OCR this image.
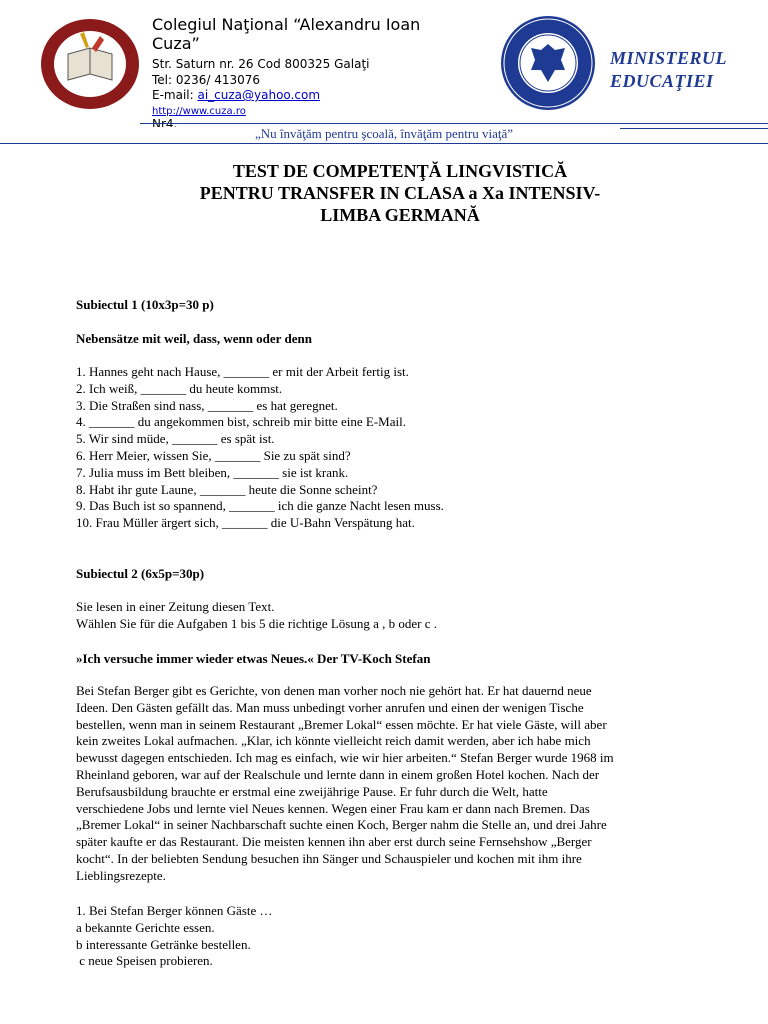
Colegiul Naţional “Alexandru Ioan

Cuza”

Str. Saturn nr. 26 Cod 800325 Galaţi

Tel: 0236/ 413076

E-mail: ai_cuza@yahoo.com

http://www.cuza.ro

Nr4.

MINISTERUL
EDUCAŢIEI
„Nu învăţăm pentru şcoală, învăţăm pentru viaţă”
TEST DE COMPETENŢĂ LINGVISTICĂ
PENTRU TRANSFER IN CLASA a Xa INTENSIV-
LIMBA GERMANĂ

Subiectul 1 (10x3p=30 p)

Nebensätze mit weil, dass, wenn oder denn

1. Hannes geht nach Hause, _______ er mit der Arbeit fertig ist.

2. Ich weiß, _______ du heute kommst.

3. Die Straßen sind nass, _______ es hat geregnet.

4. _______ du angekommen bist, schreib mir bitte eine E-Mail.

5. Wir sind müde, _______ es spät ist.

6. Herr Meier, wissen Sie, _______ Sie zu spät sind?

7. Julia muss im Bett bleiben, _______ sie ist krank.

8. Habt ihr gute Laune, _______ heute die Sonne scheint?

9. Das Buch ist so spannend, _______ ich die ganze Nacht lesen muss.

10. Frau Müller ärgert sich, _______ die U-Bahn Verspätung hat.

Subiectul 2 (6x5p=30p)

Sie lesen in einer Zeitung diesen Text.

Wählen Sie für die Aufgaben 1 bis 5 die richtige Lösung a , b oder c .

»Ich versuche immer wieder etwas Neues.« Der TV-Koch Stefan

Bei Stefan Berger gibt es Gerichte, von denen man vorher noch nie gehört hat. Er hat dauernd neue

Ideen. Den Gästen gefällt das. Man muss unbedingt vorher anrufen und einen der wenigen Tische

bestellen, wenn man in seinem Restaurant „Bremer Lokal“ essen möchte. Er hat viele Gäste, will aber

kein zweites Lokal aufmachen. „Klar, ich könnte vielleicht reich damit werden, aber ich habe mich

bewusst dagegen entschieden. Ich mag es einfach, wie wir hier arbeiten.“ Stefan Berger wurde 1968 im

Rheinland geboren, war auf der Realschule und lernte dann in einem großen Hotel kochen. Nach der

Berufsausbildung brauchte er erstmal eine zweijährige Pause. Er fuhr durch die Welt, hatte

verschiedene Jobs und lernte viel Neues kennen. Wegen einer Frau kam er dann nach Bremen. Das

„Bremer Lokal“ in seiner Nachbarschaft suchte einen Koch, Berger nahm die Stelle an, und drei Jahre

später kaufte er das Restaurant. Die meisten kennen ihn aber erst durch seine Fernsehshow „Berger

kocht“. In der beliebten Sendung besuchen ihn Sänger und Schauspieler und kochen mit ihm ihre

Lieblingsrezepte.

1. Bei Stefan Berger können Gäste …

a bekannte Gerichte essen.

b interessante Getränke bestellen.

c neue Speisen probieren.
